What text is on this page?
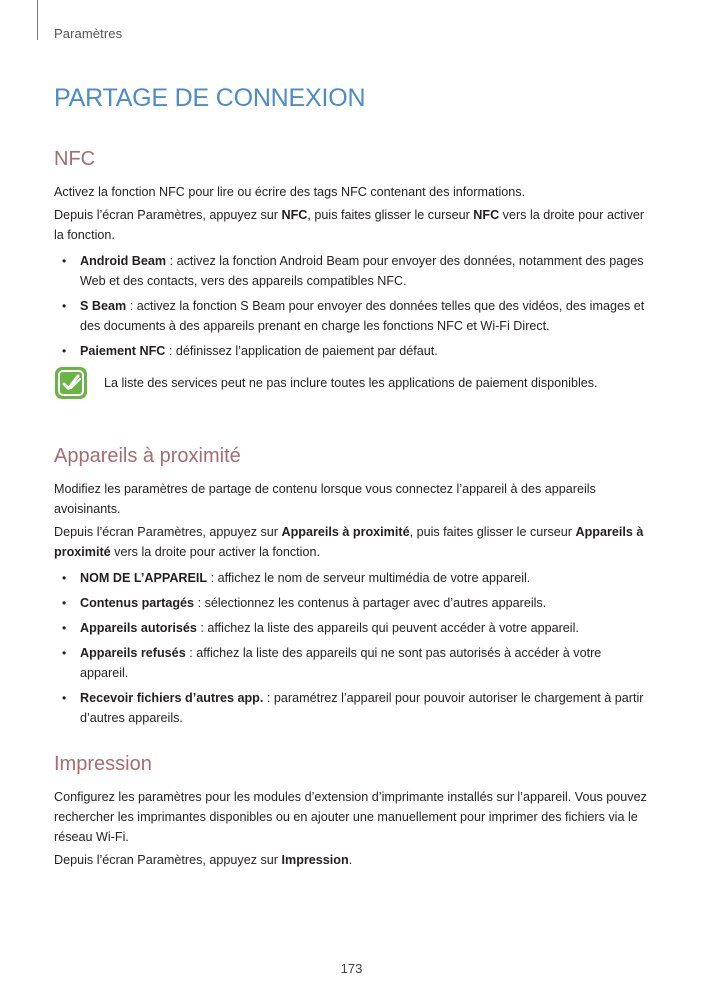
Paramètres
PARTAGE DE CONNEXION
NFC

Activez la fonction NFC pour lire ou écrire des tags NFC contenant des informations.

Depuis l’écran Paramètres, appuyez sur NFC, puis faites glisser le curseur NFC vers la droite pour activer la fonction.

• Android Beam : activez la fonction Android Beam pour envoyer des données, notamment des pages Web et des contacts, vers des appareils compatibles NFC.
• S Beam : activez la fonction S Beam pour envoyer des données telles que des vidéos, des images et des documents à des appareils prenant en charge les fonctions NFC et Wi-Fi Direct.
• Paiement NFC : définissez l’application de paiement par défaut.
La liste des services peut ne pas inclure toutes les applications de paiement disponibles.
Appareils à proximité

Modifiez les paramètres de partage de contenu lorsque vous connectez l’appareil à des appareils avoisinants.

Depuis l’écran Paramètres, appuyez sur Appareils à proximité, puis faites glisser le curseur Appareils à proximité vers la droite pour activer la fonction.

• NOM DE L’APPAREIL : affichez le nom de serveur multimédia de votre appareil.
• Contenus partagés : sélectionnez les contenus à partager avec d’autres appareils.
• Appareils autorisés : affichez la liste des appareils qui peuvent accéder à votre appareil.
• Appareils refusés : affichez la liste des appareils qui ne sont pas autorisés à accéder à votre appareil.
• Recevoir fichiers d’autres app. : paramétrez l’appareil pour pouvoir autoriser le chargement à partir d’autres appareils.
Impression

Configurez les paramètres pour les modules d’extension d’imprimante installés sur l’appareil. Vous pouvez rechercher les imprimantes disponibles ou en ajouter une manuellement pour imprimer des fichiers via le réseau Wi-Fi.

Depuis l’écran Paramètres, appuyez sur Impression.

173
